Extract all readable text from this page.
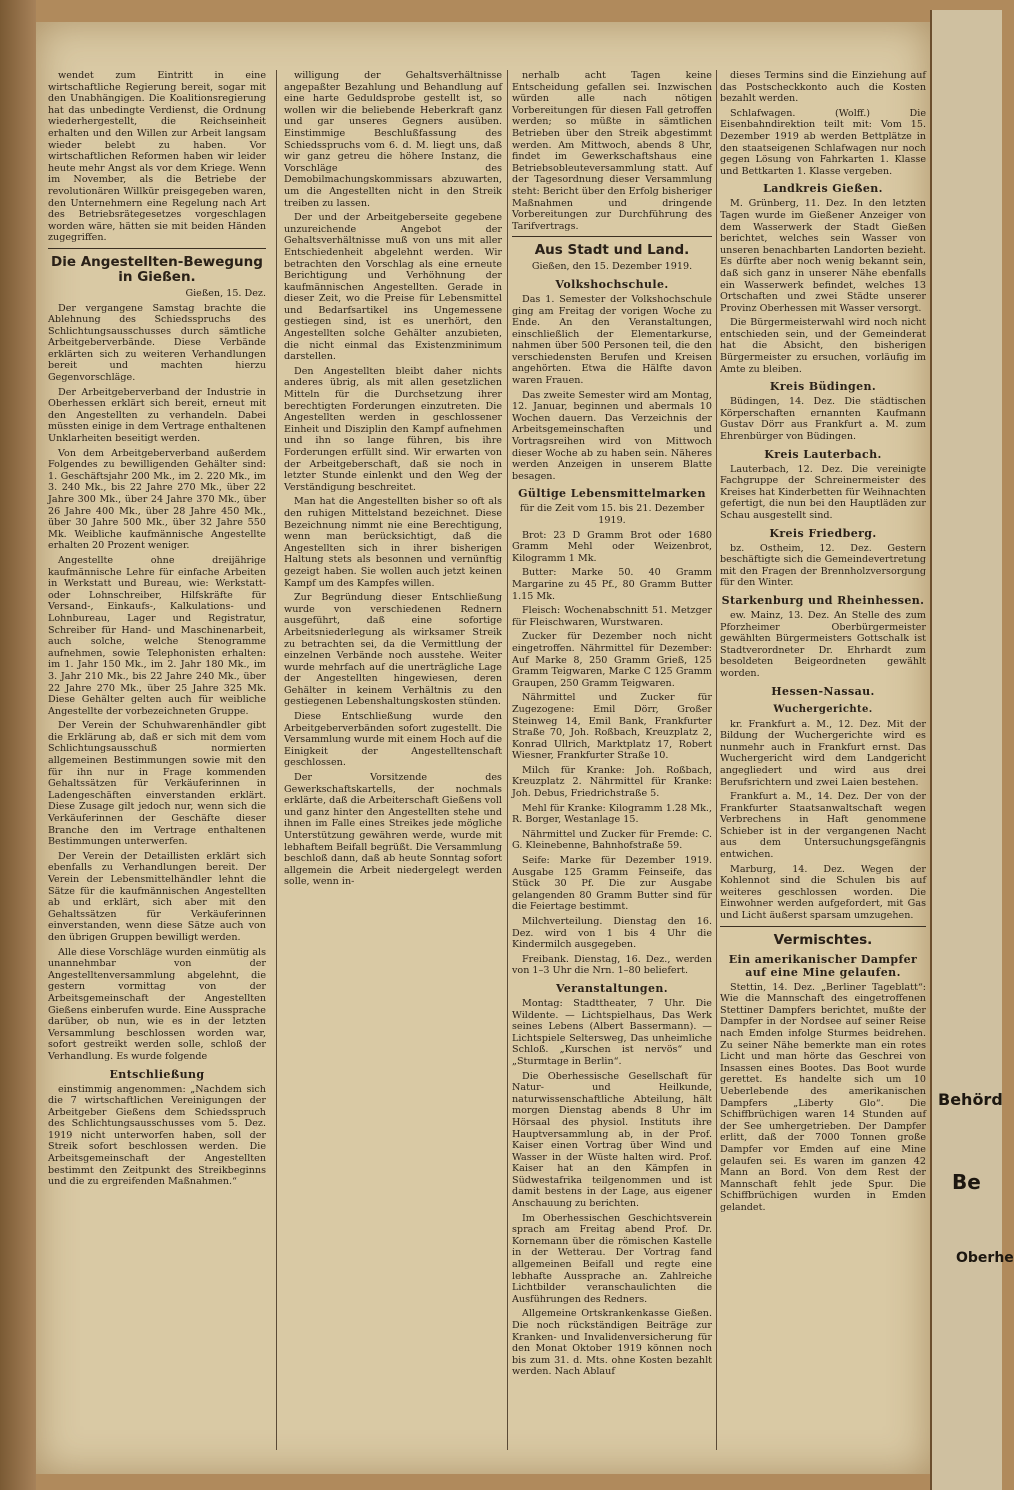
wendet zum Eintritt in eine wirtschaftliche Regierung bereit, sogar mit den Unabhängigen. Die Koalitionsregierung hat das unbedingte Verdienst, die Ordnung wiederhergestellt, die Reichseinheit erhalten und den Willen zur Arbeit langsam wieder belebt zu haben. Vor wirtschaftlichen Reformen haben wir leider heute mehr Angst als vor dem Kriege. Wenn im November, als die Betriebe der revolutionären Willkür preisgegeben waren, den Unternehmern eine Regelung nach Art des Betriebsrätegesetzes vorgeschlagen worden wäre, hätten sie mit beiden Händen zugegriffen.

Die Angestellten-Bewegung in Gießen.

Gießen, 15. Dez.

Der vergangene Samstag brachte die Ablehnung des Schiedsspruchs des Schlichtungsausschusses durch sämtliche Arbeitgeberverbände. Diese Verbände erklärten sich zu weiteren Verhandlungen bereit und machten hierzu Gegenvorschläge.

Der Arbeitgeberverband der Industrie in Oberhessen erklärt sich bereit, erneut mit den Angestellten zu verhandeln. Dabei müssten einige in dem Vertrage enthaltenen Unklarheiten beseitigt werden.

Von dem Arbeitgeberverband außerdem Folgendes zu bewilligenden Gehälter sind: 1. Geschäftsjahr 200 Mk., im 2. 220 Mk., im 3. 240 Mk., bis 22 Jahre 270 Mk., über 22 Jahre 300 Mk., über 24 Jahre 370 Mk., über 26 Jahre 400 Mk., über 28 Jahre 450 Mk., über 30 Jahre 500 Mk., über 32 Jahre 550 Mk. Weibliche kaufmännische Angestellte erhalten 20 Prozent weniger.

Angestellte ohne dreijährige kaufmännische Lehre für einfache Arbeiten in Werkstatt und Bureau, wie: Werkstatt- oder Lohnschreiber, Hilfskräfte für Versand-, Einkaufs-, Kalkulations- und Lohnbureau, Lager und Registratur, Schreiber für Hand- und Maschinenarbeit, auch solche, welche Stenogramme aufnehmen, sowie Telephonisten erhalten: im 1. Jahr 150 Mk., im 2. Jahr 180 Mk., im 3. Jahr 210 Mk., bis 22 Jahre 240 Mk., über 22 Jahre 270 Mk., über 25 Jahre 325 Mk. Diese Gehälter gelten auch für weibliche Angestellte der vorbezeichneten Gruppe.

Der Verein der Schuhwarenhändler gibt die Erklärung ab, daß er sich mit dem vom Schlichtungsausschuß normierten allgemeinen Bestimmungen sowie mit den für ihn nur in Frage kommenden Gehaltssätzen für Verkäuferinnen in Ladengeschäften einverstanden erklärt. Diese Zusage gilt jedoch nur, wenn sich die Verkäuferinnen der Geschäfte dieser Branche den im Vertrage enthaltenen Bestimmungen unterwerfen.

Der Verein der Detaillisten erklärt sich ebenfalls zu Verhandlungen bereit. Der Verein der Lebensmittelhändler lehnt die Sätze für die kaufmännischen Angestellten ab und erklärt, sich aber mit den Gehaltssätzen für Verkäuferinnen einverstanden, wenn diese Sätze auch von den übrigen Gruppen bewilligt werden.

Alle diese Vorschläge wurden einmütig als unannehmbar von der Angestelltenversammlung abgelehnt, die gestern vormittag von der Arbeitsgemeinschaft der Angestellten Gießens einberufen wurde. Eine Aussprache darüber, ob nun, wie es in der letzten Versammlung beschlossen worden war, sofort gestreikt werden solle, schloß der Verhandlung. Es wurde folgende

Entschließung

einstimmig angenommen: „Nachdem sich die 7 wirtschaftlichen Vereinigungen der Arbeitgeber Gießens dem Schiedsspruch des Schlichtungsausschusses vom 5. Dez. 1919 nicht unterworfen haben, soll der Streik sofort beschlossen werden. Die Arbeitsgemeinschaft der Angestellten bestimmt den Zeitpunkt des Streikbeginns und die zu ergreifenden Maßnahmen.“

willigung der Gehaltsverhältnisse angepaßter Bezahlung und Behandlung auf eine harte Geduldsprobe gestellt ist, so wollen wir die beliebende Heberkraft ganz und gar unseres Gegners ausüben. Einstimmige Beschlußfassung des Schiedsspruchs vom 6. d. M. liegt uns, daß wir ganz getreu die höhere Instanz, die Vorschläge des Demobilmachungskommissars abzuwarten, um die Angestellten nicht in den Streik treiben zu lassen.

Der und der Arbeitgeberseite gegebene unzureichende Angebot der Gehaltsverhältnisse muß von uns mit aller Entschiedenheit abgelehnt werden. Wir betrachten den Vorschlag als eine erneute Berichtigung und Verhöhnung der kaufmännischen Angestellten. Gerade in dieser Zeit, wo die Preise für Lebensmittel und Bedarfsartikel ins Ungemessene gestiegen sind, ist es unerhört, den Angestellten solche Gehälter anzubieten, die nicht einmal das Existenzminimum darstellen.

Den Angestellten bleibt daher nichts anderes übrig, als mit allen gesetzlichen Mitteln für die Durchsetzung ihrer berechtigten Forderungen einzutreten. Die Angestellten werden in geschlossener Einheit und Disziplin den Kampf aufnehmen und ihn so lange führen, bis ihre Forderungen erfüllt sind. Wir erwarten von der Arbeitgeberschaft, daß sie noch in letzter Stunde einlenkt und den Weg der Verständigung beschreitet.

Man hat die Angestellten bisher so oft als den ruhigen Mittelstand bezeichnet. Diese Bezeichnung nimmt nie eine Berechtigung, wenn man berücksichtigt, daß die Angestellten sich in ihrer bisherigen Haltung stets als besonnen und vernünftig gezeigt haben. Sie wollen auch jetzt keinen Kampf um des Kampfes willen.

Zur Begründung dieser Entschließung wurde von verschiedenen Rednern ausgeführt, daß eine sofortige Arbeitsniederlegung als wirksamer Streik zu betrachten sei, da die Vermittlung der einzelnen Verbände noch ausstehe. Weiter wurde mehrfach auf die unerträgliche Lage der Angestellten hingewiesen, deren Gehälter in keinem Verhältnis zu den gestiegenen Lebenshaltungskosten stünden.

Diese Entschließung wurde den Arbeitgeberverbänden sofort zugestellt. Die Versammlung wurde mit einem Hoch auf die Einigkeit der Angestelltenschaft geschlossen.

Der Vorsitzende des Gewerkschaftskartells, der nochmals erklärte, daß die Arbeiterschaft Gießens voll und ganz hinter den Angestellten stehe und ihnen im Falle eines Streikes jede mögliche Unterstützung gewähren werde, wurde mit lebhaftem Beifall begrüßt. Die Versammlung beschloß dann, daß ab heute Sonntag sofort allgemein die Arbeit niedergelegt werden solle, wenn in-

nerhalb acht Tagen keine Entscheidung gefallen sei. Inzwischen würden alle nach nötigen Vorbereitungen für diesen Fall getroffen werden; so müßte in sämtlichen Betrieben über den Streik abgestimmt werden. Am Mittwoch, abends 8 Uhr, findet im Gewerkschaftshaus eine Betriebsobleuteversammlung statt. Auf der Tagesordnung dieser Versammlung steht: Bericht über den Erfolg bisheriger Maßnahmen und dringende Vorbereitungen zur Durchführung des Tarifvertrags.

Aus Stadt und Land.

Gießen, den 15. Dezember 1919.

Volkshochschule.

Das 1. Semester der Volkshochschule ging am Freitag der vorigen Woche zu Ende. An den Veranstaltungen, einschließlich der Elementarkurse, nahmen über 500 Personen teil, die den verschiedensten Berufen und Kreisen angehörten. Etwa die Hälfte davon waren Frauen.

Das zweite Semester wird am Montag, 12. Januar, beginnen und abermals 10 Wochen dauern. Das Verzeichnis der Arbeitsgemeinschaften und Vortragsreihen wird von Mittwoch dieser Woche ab zu haben sein. Näheres werden Anzeigen in unserem Blatte besagen.

Gültige Lebensmittelmarken

für die Zeit vom 15. bis 21. Dezember 1919.

Brot: 23 D Gramm Brot oder 1680 Gramm Mehl oder Weizenbrot, Kilogramm 1 Mk.

Butter: Marke 50. 40 Gramm Margarine zu 45 Pf., 80 Gramm Butter 1.15 Mk.

Fleisch: Wochenabschnitt 51. Metzger für Fleischwaren, Wurstwaren.

Zucker für Dezember noch nicht eingetroffen. Nährmittel für Dezember: Auf Marke 8, 250 Gramm Grieß, 125 Gramm Teigwaren, Marke C 125 Gramm Graupen, 250 Gramm Teigwaren.

Nährmittel und Zucker für Zugezogene: Emil Dörr, Großer Steinweg 14, Emil Bank, Frankfurter Straße 70, Joh. Roßbach, Kreuzplatz 2, Konrad Ullrich, Marktplatz 17, Robert Wiesner, Frankfurter Straße 10.

Milch für Kranke: Joh. Roßbach, Kreuzplatz 2. Nährmittel für Kranke: Joh. Debus, Friedrichstraße 5.

Mehl für Kranke: Kilogramm 1.28 Mk., R. Borger, Westanlage 15.

Nährmittel und Zucker für Fremde: C. G. Kleinebenne, Bahnhofstraße 59.

Seife: Marke für Dezember 1919. Ausgabe 125 Gramm Feinseife, das Stück 30 Pf. Die zur Ausgabe gelangenden 80 Gramm Butter sind für die Feiertage bestimmt.

Milchverteilung. Dienstag den 16. Dez. wird von 1 bis 4 Uhr die Kindermilch ausgegeben.

Freibank. Dienstag, 16. Dez., werden von 1–3 Uhr die Nrn. 1–80 beliefert.

Veranstaltungen.

Montag: Stadttheater, 7 Uhr. Die Wildente. — Lichtspielhaus, Das Werk seines Lebens (Albert Bassermann). — Lichtspiele Seltersweg, Das unheimliche Schloß. „Kurschen ist nervös“ und „Sturmtage in Berlin“.

Die Oberhessische Gesellschaft für Natur- und Heilkunde, naturwissenschaftliche Abteilung, hält morgen Dienstag abends 8 Uhr im Hörsaal des physiol. Instituts ihre Hauptversammlung ab, in der Prof. Kaiser einen Vortrag über Wind und Wasser in der Wüste halten wird. Prof. Kaiser hat an den Kämpfen in Südwestafrika teilgenommen und ist damit bestens in der Lage, aus eigener Anschauung zu berichten.

Im Oberhessischen Geschichtsverein sprach am Freitag abend Prof. Dr. Kornemann über die römischen Kastelle in der Wetterau. Der Vortrag fand allgemeinen Beifall und regte eine lebhafte Aussprache an. Zahlreiche Lichtbilder veranschaulichten die Ausführungen des Redners.

Allgemeine Ortskrankenkasse Gießen. Die noch rückständigen Beiträge zur Kranken- und Invalidenversicherung für den Monat Oktober 1919 können noch bis zum 31. d. Mts. ohne Kosten bezahlt werden. Nach Ablauf

dieses Termins sind die Einziehung auf das Postscheckkonto auch die Kosten bezahlt werden.

Schlafwagen. (Wolff.) Die Eisenbahndirektion teilt mit: Vom 15. Dezember 1919 ab werden Bettplätze in den staatseigenen Schlafwagen nur noch gegen Lösung von Fahrkarten 1. Klasse und Bettkarten 1. Klasse vergeben.

Landkreis Gießen.

M. Grünberg, 11. Dez. In den letzten Tagen wurde im Gießener Anzeiger von dem Wasserwerk der Stadt Gießen berichtet, welches sein Wasser von unseren benachbarten Landorten bezieht. Es dürfte aber noch wenig bekannt sein, daß sich ganz in unserer Nähe ebenfalls ein Wasserwerk befindet, welches 13 Ortschaften und zwei Städte unserer Provinz Oberhessen mit Wasser versorgt.

Die Bürgermeisterwahl wird noch nicht entschieden sein, und der Gemeinderat hat die Absicht, den bisherigen Bürgermeister zu ersuchen, vorläufig im Amte zu bleiben.

Kreis Büdingen.

Büdingen, 14. Dez. Die städtischen Körperschaften ernannten Kaufmann Gustav Dörr aus Frankfurt a. M. zum Ehrenbürger von Büdingen.

Kreis Lauterbach.

Lauterbach, 12. Dez. Die vereinigte Fachgruppe der Schreinermeister des Kreises hat Kinderbetten für Weihnachten gefertigt, die nun bei den Hauptläden zur Schau ausgestellt sind.

Kreis Friedberg.

bz. Ostheim, 12. Dez. Gestern beschäftigte sich die Gemeindevertretung mit den Fragen der Brennholzversorgung für den Winter.

Starkenburg und Rheinhessen.

ew. Mainz, 13. Dez. An Stelle des zum Pforzheimer Oberbürgermeister gewählten Bürgermeisters Gottschalk ist Stadtverordneter Dr. Ehrhardt zum besoldeten Beigeordneten gewählt worden.

Hessen-Nassau.
Wuchergerichte.

kr. Frankfurt a. M., 12. Dez. Mit der Bildung der Wuchergerichte wird es nunmehr auch in Frankfurt ernst. Das Wuchergericht wird dem Landgericht angegliedert und wird aus drei Berufsrichtern und zwei Laien bestehen.

Frankfurt a. M., 14. Dez. Der von der Frankfurter Staatsanwaltschaft wegen Verbrechens in Haft genommene Schieber ist in der vergangenen Nacht aus dem Untersuchungsgefängnis entwichen.

Marburg, 14. Dez. Wegen der Kohlennot sind die Schulen bis auf weiteres geschlossen worden. Die Einwohner werden aufgefordert, mit Gas und Licht äußerst sparsam umzugehen.

Vermischtes.
Ein amerikanischer Dampfer auf eine Mine gelaufen.

Stettin, 14. Dez. „Berliner Tageblatt“: Wie die Mannschaft des eingetroffenen Stettiner Dampfers berichtet, mußte der Dampfer in der Nordsee auf seiner Reise nach Emden infolge Sturmes beidrehen. Zu seiner Nähe bemerkte man ein rotes Licht und man hörte das Geschrei von Insassen eines Bootes. Das Boot wurde gerettet. Es handelte sich um 10 Ueberlebende des amerikanischen Dampfers „Liberty Glo“. Die Schiffbrüchigen waren 14 Stunden auf der See umhergetrieben. Der Dampfer erlitt, daß der 7000 Tonnen große Dampfer vor Emden auf eine Mine gelaufen sei. Es waren im ganzen 42 Mann an Bord. Von dem Rest der Mannschaft fehlt jede Spur. Die Schiffbrüchigen wurden in Emden gelandet.

Behörd
Be
Oberhe
